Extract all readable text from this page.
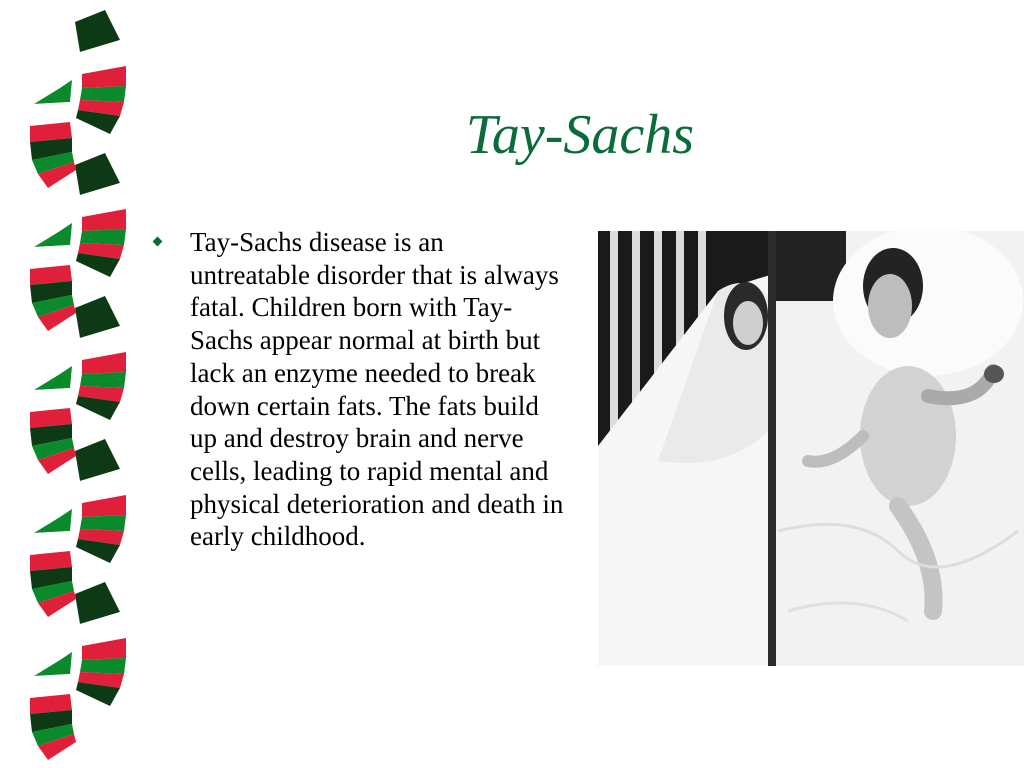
Tay-Sachs
Tay-Sachs disease is an untreatable disorder that is always fatal. Children born with Tay-Sachs appear normal at birth but lack an enzyme needed to break down certain fats. The fats build up and destroy brain and nerve cells, leading to rapid mental and physical deterioration and death in early childhood.
